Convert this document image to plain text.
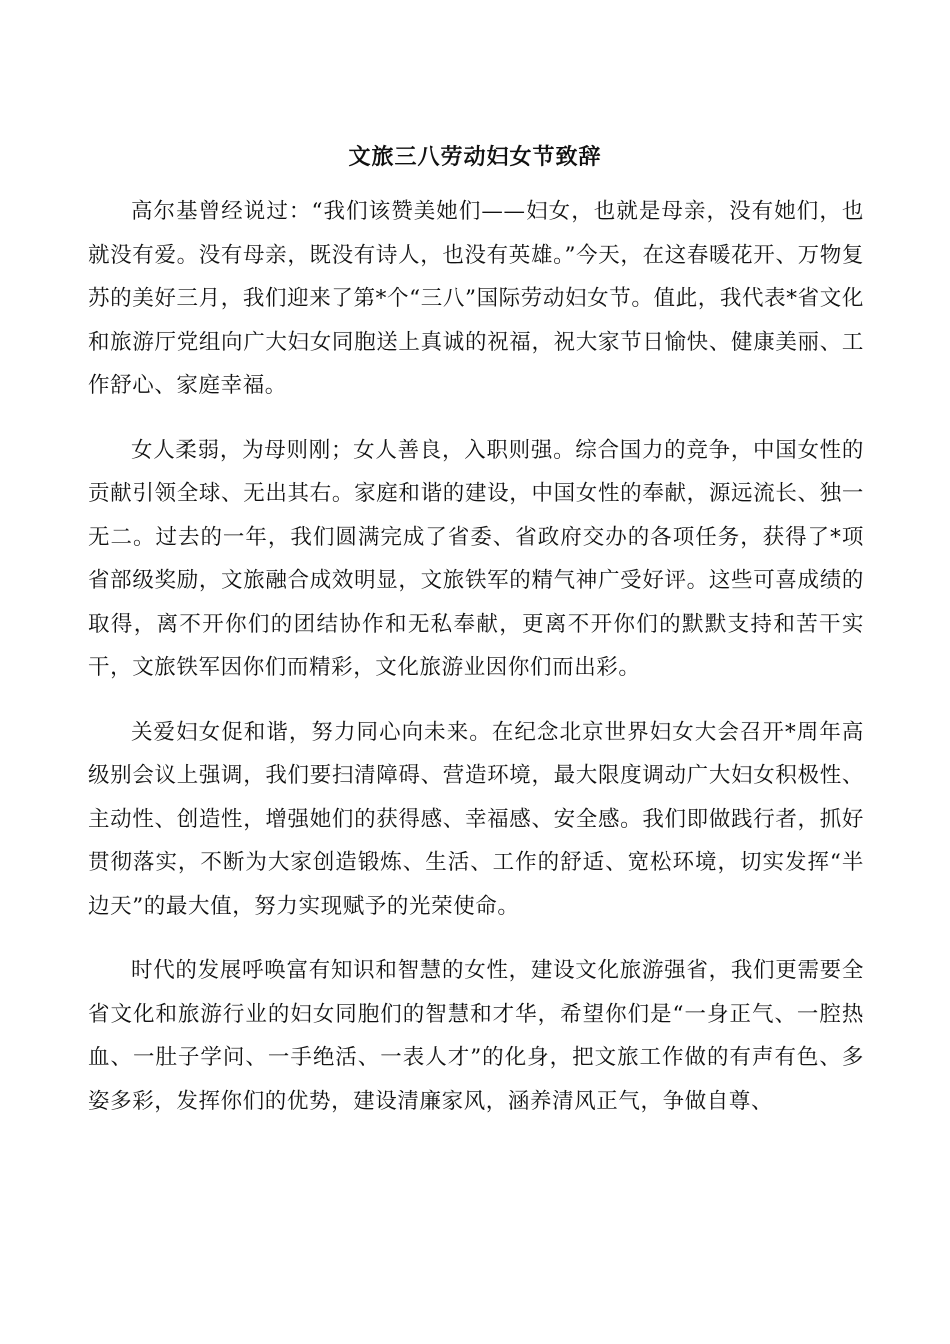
文旅三八劳动妇女节致辞

高尔基曾经说过：“我们该赞美她们——妇女，也就是母亲，没有她们，也就没有爱。没有母亲，既没有诗人，也没有英雄。”今天，在这春暖花开、万物复苏的美好三月，我们迎来了第*个“三八”国际劳动妇女节。值此，我代表*省文化和旅游厅党组向广大妇女同胞送上真诚的祝福，祝大家节日愉快、健康美丽、工作舒心、家庭幸福。

女人柔弱，为母则刚；女人善良，入职则强。综合国力的竞争，中国女性的贡献引领全球、无出其右。家庭和谐的建设，中国女性的奉献，源远流长、独一无二。过去的一年，我们圆满完成了省委、省政府交办的各项任务，获得了*项省部级奖励，文旅融合成效明显，文旅铁军的精气神广受好评。这些可喜成绩的取得，离不开你们的团结协作和无私奉献，更离不开你们的默默支持和苦干实干，文旅铁军因你们而精彩，文化旅游业因你们而出彩。

关爱妇女促和谐，努力同心向未来。在纪念北京世界妇女大会召开*周年高级别会议上强调，我们要扫清障碍、营造环境，最大限度调动广大妇女积极性、主动性、创造性，增强她们的获得感、幸福感、安全感。我们即做践行者，抓好贯彻落实，不断为大家创造锻炼、生活、工作的舒适、宽松环境，切实发挥“半边天”的最大值，努力实现赋予的光荣使命。

时代的发展呼唤富有知识和智慧的女性，建设文化旅游强省，我们更需要全省文化和旅游行业的妇女同胞们的智慧和才华，希望你们是“一身正气、一腔热血、一肚子学问、一手绝活、一表人才”的化身，把文旅工作做的有声有色、多姿多彩，发挥你们的优势，建设清廉家风，涵养清风正气，争做自尊、
